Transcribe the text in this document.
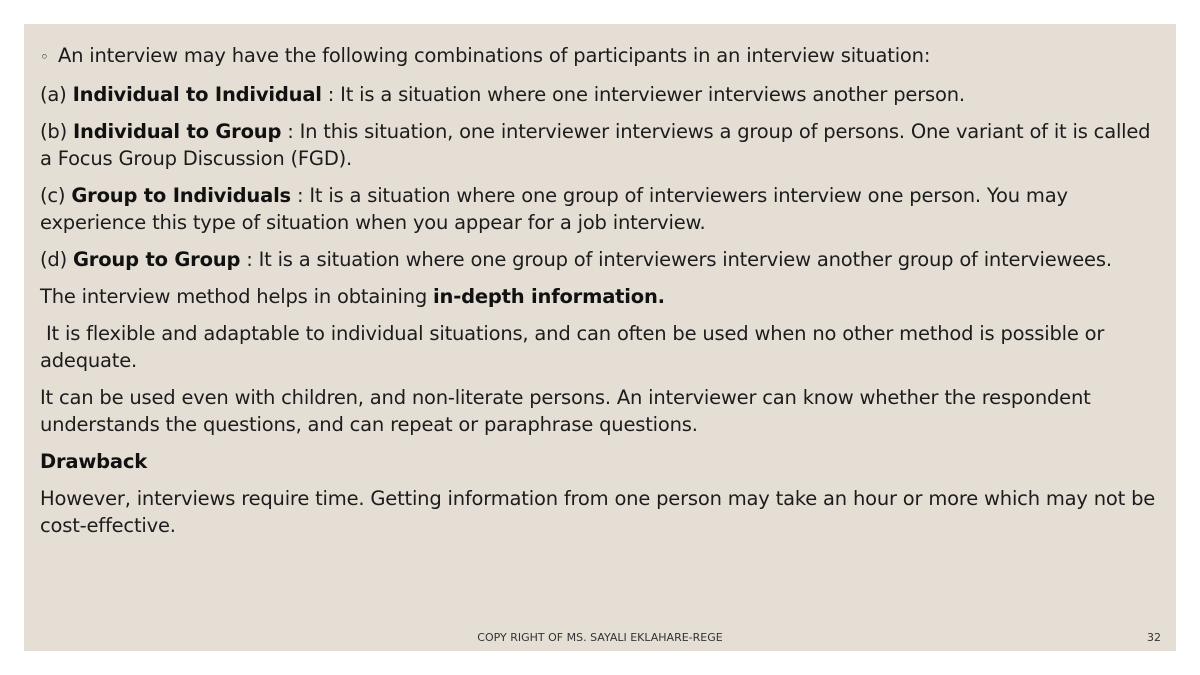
◦ An interview may have the following combinations of participants in an interview situation:

(a) Individual to Individual : It is a situation where one interviewer interviews another person.

(b) Individual to Group : In this situation, one interviewer interviews a group of persons. One variant of it is called a Focus Group Discussion (FGD).

(c) Group to Individuals : It is a situation where one group of interviewers interview one person. You may experience this type of situation when you appear for a job interview.

(d) Group to Group : It is a situation where one group of interviewers interview another group of interviewees.

The interview method helps in obtaining in-depth information.

It is flexible and adaptable to individual situations, and can often be used when no other method is possible or adequate.

It can be used even with children, and non-literate persons. An interviewer can know whether the respondent understands the questions, and can repeat or paraphrase questions.

Drawback

However, interviews require time. Getting information from one person may take an hour or more which may not be cost-effective.

COPY RIGHT OF MS. SAYALI EKLAHARE-REGE	32
